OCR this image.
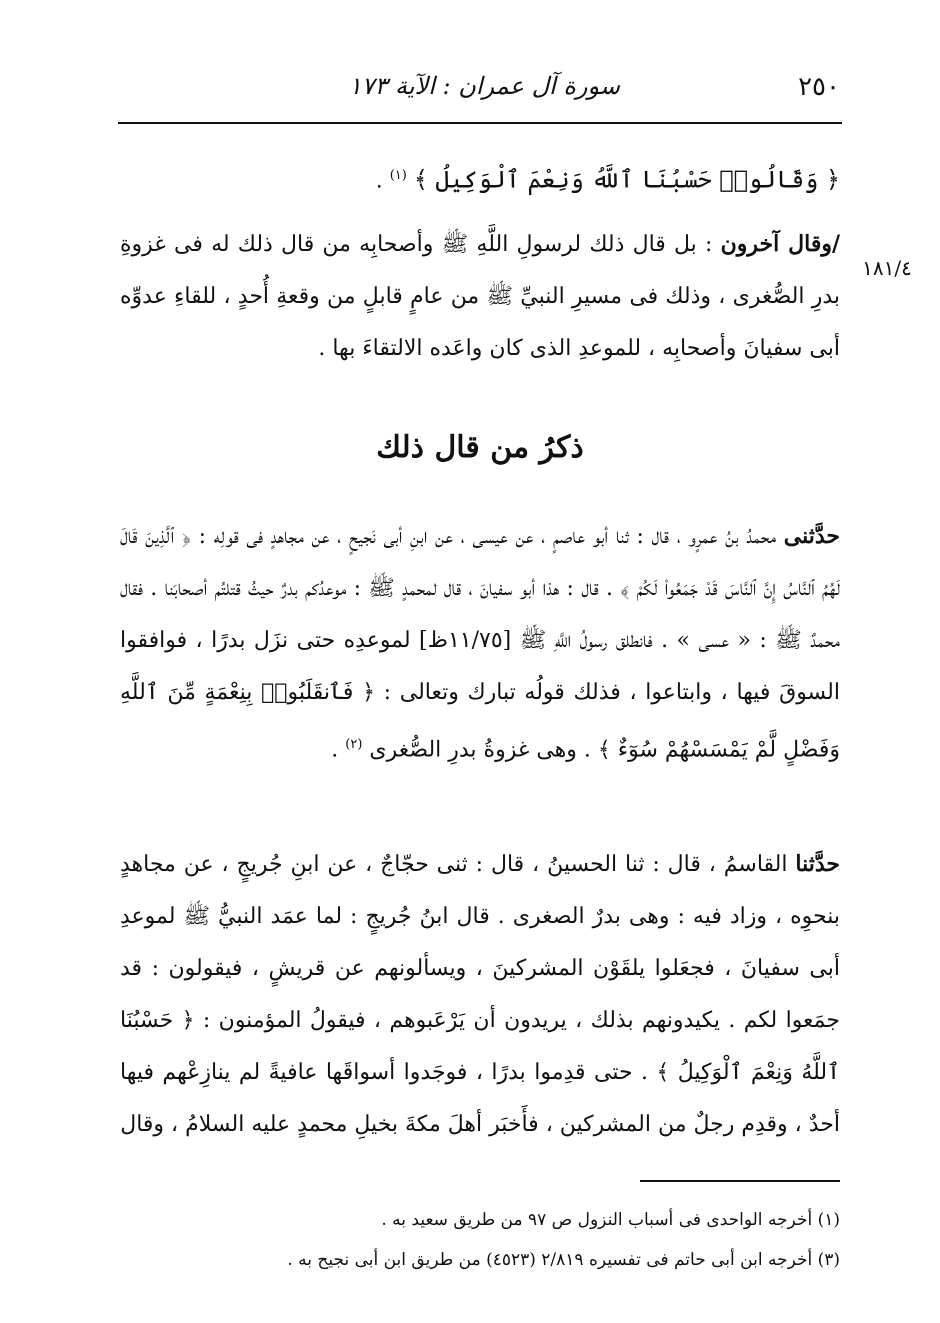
٢٥٠
سورة آل عمران : الآية ١٧٣
﴿ وَقَالُوا۟ حَسْبُنَا ٱللَّهُ وَنِعْمَ ٱلْوَكِيلُ ﴾ $^{(١)}$ .
١٨١/٤
/وقال آخرون : بل قال ذلك لرسولِ اللَّهِ ﷺ وأصحابِه من قال ذلك له فى غزوةِ بدرِ الصُّغرى ، وذلك فى مسيرِ النبيِّ ﷺ من عامٍ قابلٍ من وقعةِ أُحدٍ ، للقاءِ عدوِّه أبى سفيانَ وأصحابِه ، للموعدِ الذى كان واعَده الالتقاءَ بها .
ذكرُ من قال ذلك
حدَّثنى محمدُ بنُ عمرٍو ، قال : ثنا أبو عاصمٍ ، عن عيسى ، عن ابنِ أبى نَجيحٍ ، عن مجاهدٍ فى قولِه : ﴿ ٱلَّذِينَ قَالَ لَهُمُ ٱلنَّاسُ إِنَّ ٱلنَّاسَ قَدْ جَمَعُوا۟ لَكُمْ ﴾ . قال : هذا أبو سفيانَ ، قال لمحمدٍ ﷺ : موعدُكم بدرٌ حيثُ قتلتُم أصحابَنا . فقال محمدٌ ﷺ : « عسى » . فانطلق رسولُ اللَّهِ ﷺ [١١/٧٥ظ] لموعدِه حتى نزَل بدرًا ، فوافقوا السوقَ فيها ، وابتاعوا ، فذلك قولُه تبارك وتعالى : ﴿ فَٱنقَلَبُوا۟ بِنِعْمَةٍ مِّنَ ٱللَّهِ وَفَضْلٍ لَّمْ يَمْسَسْهُمْ سُوٓءٌ ﴾ . وهى غزوةُ بدرِ الصُّغرى $^{(٢)}$ .
حدَّثنا القاسمُ ، قال : ثنا الحسينُ ، قال : ثنى حجّاجٌ ، عن ابنِ جُريجٍ ، عن مجاهدٍ بنحوِه ، وزاد فيه : وهى بدرٌ الصغرى . قال ابنُ جُريجٍ : لما عمَد النبيُّ ﷺ لموعدِ أبى سفيانَ ، فجعَلوا يلقَوْن المشركينَ ، ويسألونهم عن قريشٍ ، فيقولون : قد جمَعوا لكم . يكيدونهم بذلك ، يريدون أن يَرْعَبوهم ، فيقولُ المؤمنون : ﴿ حَسْبُنَا ٱللَّهُ وَنِعْمَ ٱلْوَكِيلُ ﴾ . حتى قدِموا بدرًا ، فوجَدوا أسواقَها عافيةً لم ينازِعْهم فيها أحدٌ ، وقدِم رجلٌ من المشركين ، فأَخبَر أهلَ مكةَ بخيلِ محمدٍ عليه السلامُ ، وقال
(١) أخرجه الواحدى فى أسباب النزول ص ٩٧ من طريق سعيد به .
(٣) أخرجه ابن أبى حاتم فى تفسيره ٢/٨١٩ (٤٥٢٣) من طريق ابن أبى نجيح به .
